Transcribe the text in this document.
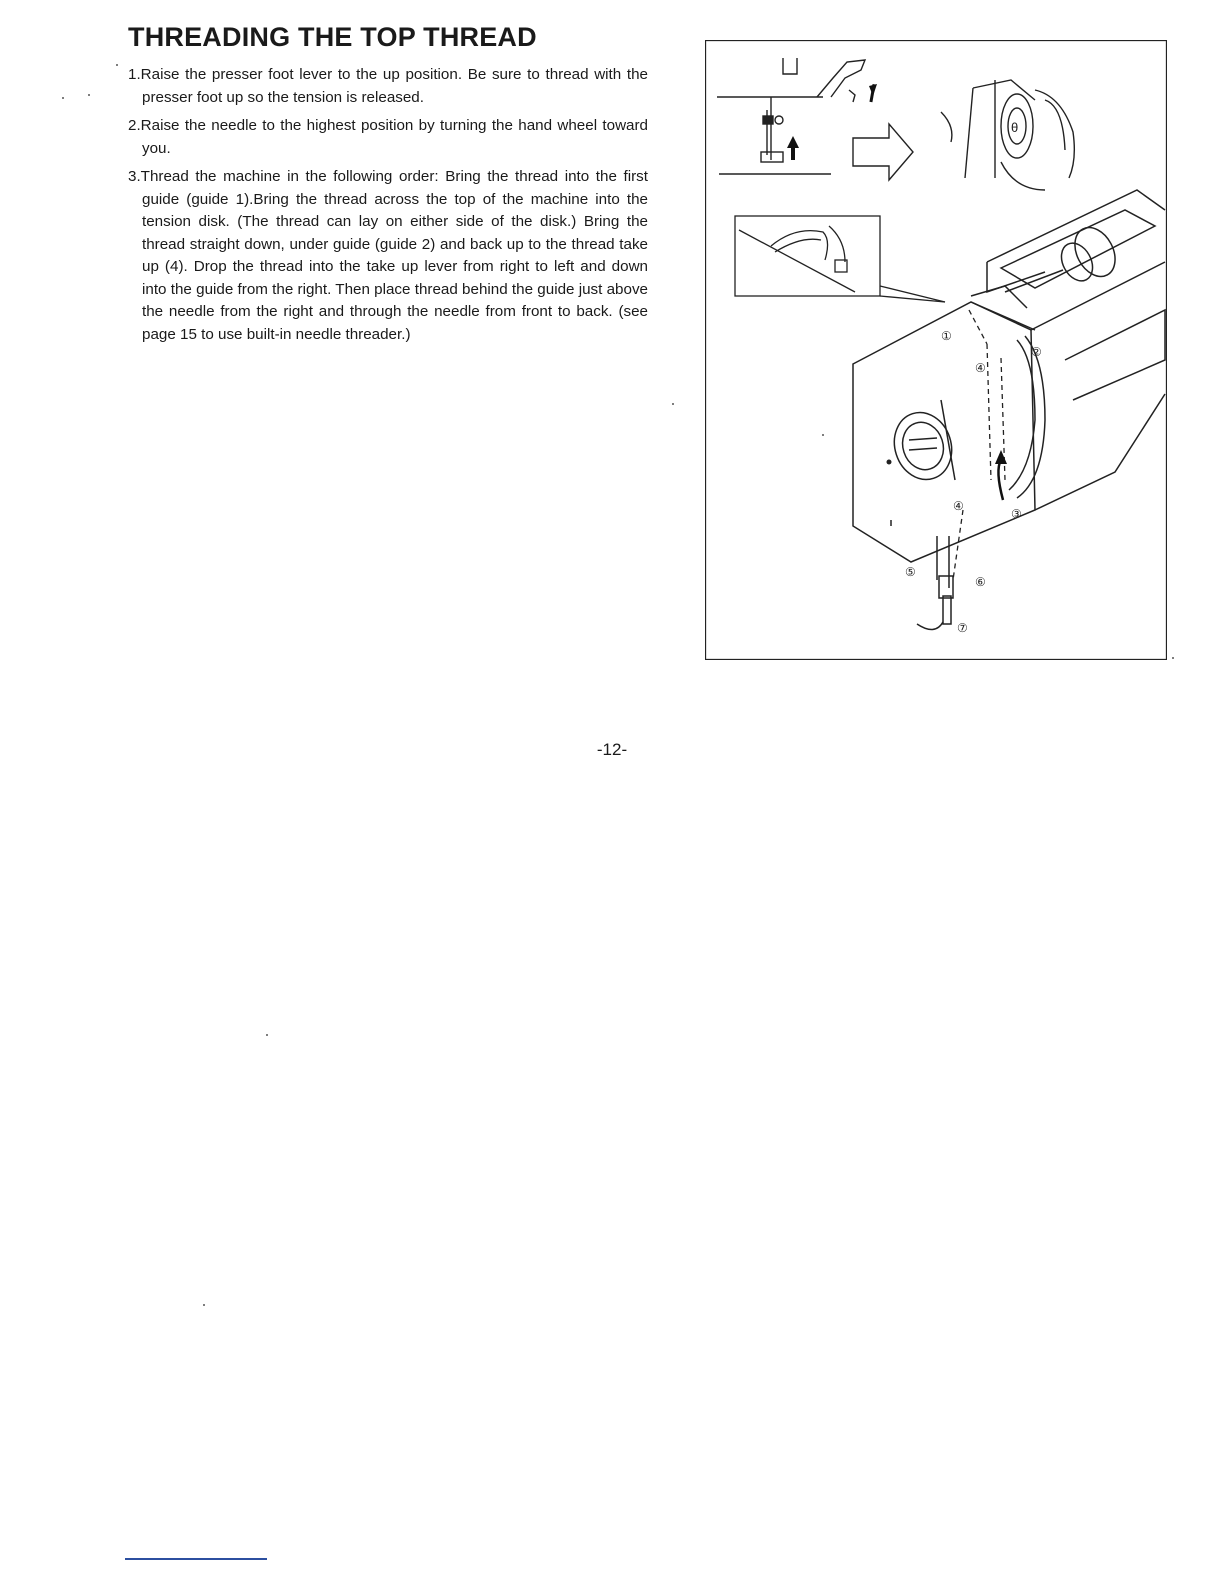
THREADING THE TOP THREAD
1.Raise the presser foot lever to the up position. Be sure to thread with the presser foot up so the tension is released.
2.Raise the needle to the highest position by turning the hand wheel toward you.
3.Thread the machine in the following order: Bring the thread into the first guide (guide 1).Bring the thread across the top of the machine into the tension disk. (The thread can lay on either side of the disk.) Bring the thread straight down, under guide (guide 2) and back up to the thread take up (4). Drop the thread into the take up lever from right to left and down into the guide from the right. Then place thread behind the guide just above the needle from the right and through the needle from front to back. (see page 15 to use built-in needle threader.)
θ
①
②
③
④
④
⑤
⑥
⑦
-12-
